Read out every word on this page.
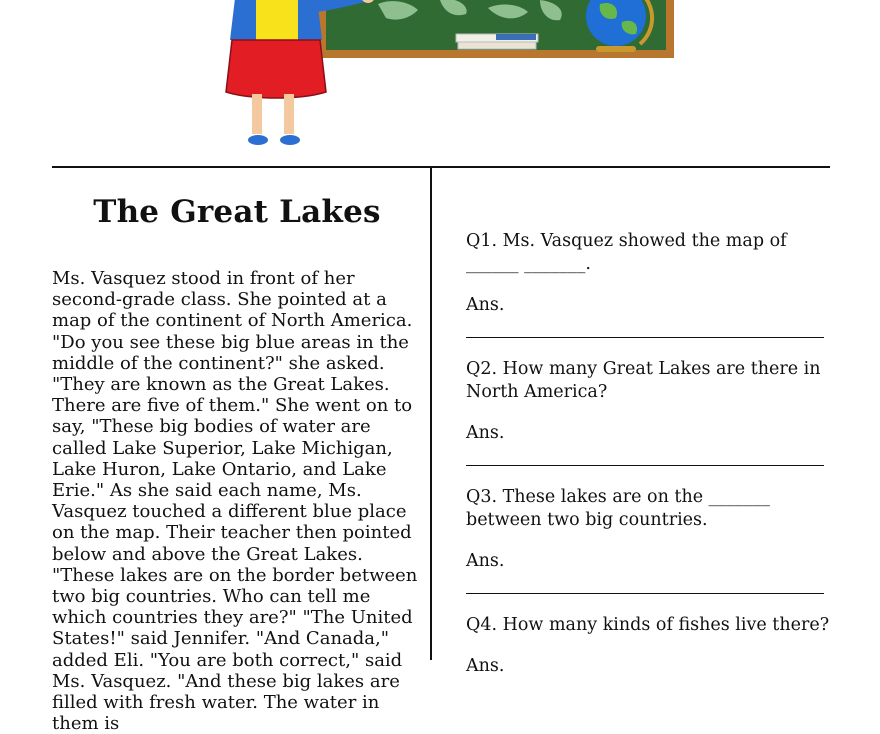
The Great Lakes

Ms. Vasquez stood in front of her second-grade class. She pointed at a map of the continent of North America. "Do you see these big blue areas in the middle of the continent?" she asked. "They are known as the Great Lakes. There are five of them." She went on to say, "These big bodies of water are called Lake Superior, Lake Michigan, Lake Huron, Lake Ontario, and Lake Erie." As she said each name, Ms. Vasquez touched a different blue place on the map. Their teacher then pointed below and above the Great Lakes. "These lakes are on the border between two big countries. Who can tell me which countries they are?" "The United States!" said Jennifer. "And Canada," added Eli. "You are both correct," said Ms. Vasquez. "And these big lakes are filled with fresh water. The water in them is

Q1. Ms. Vasquez showed the map of ______ _______.

Ans.

Q2. How many Great Lakes are there in North America?

Ans.

Q3. These lakes are on the _______ between two big countries.

Ans.

Q4. How many kinds of fishes live there?

Ans.
